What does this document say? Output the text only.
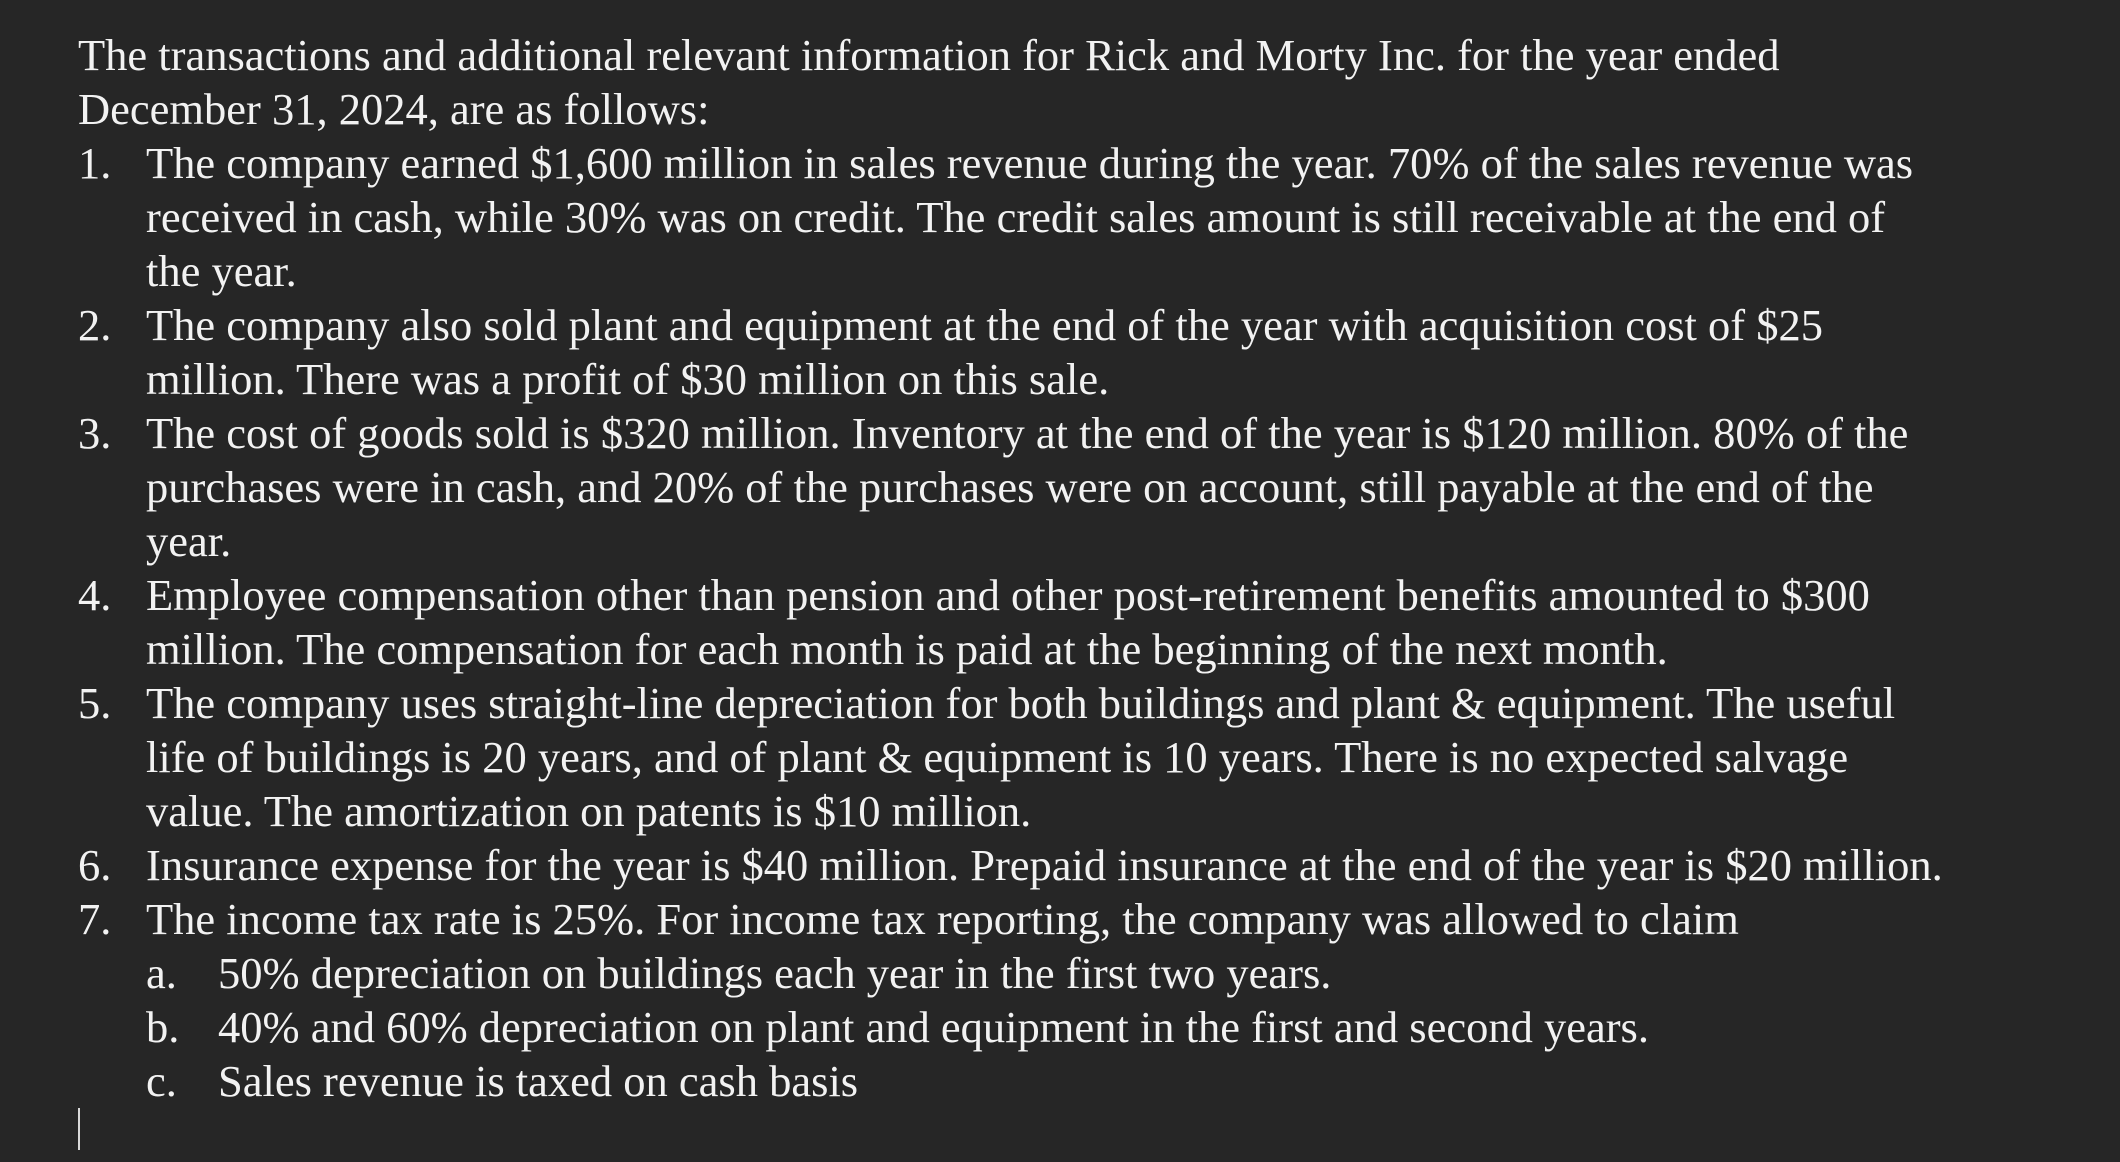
The transactions and additional relevant information for Rick and Morty Inc. for the year ended
December 31, 2024, are as follows:

1. The company earned $1,600 million in sales revenue during the year. 70% of the sales revenue was
received in cash, while 30% was on credit. The credit sales amount is still receivable at the end of
the year.
2. The company also sold plant and equipment at the end of the year with acquisition cost of $25
million. There was a profit of $30 million on this sale.
3. The cost of goods sold is $320 million. Inventory at the end of the year is $120 million. 80% of the
purchases were in cash, and 20% of the purchases were on account, still payable at the end of the
year.
4. Employee compensation other than pension and other post-retirement benefits amounted to $300
million. The compensation for each month is paid at the beginning of the next month.
5. The company uses straight-line depreciation for both buildings and plant & equipment. The useful
life of buildings is 20 years, and of plant & equipment is 10 years. There is no expected salvage
value. The amortization on patents is $10 million.
6. Insurance expense for the year is $40 million. Prepaid insurance at the end of the year is $20 million.
7. The income tax rate is 25%. For income tax reporting, the company was allowed to claim

a. 50% depreciation on buildings each year in the first two years.
b. 40% and 60% depreciation on plant and equipment in the first and second years.
c. Sales revenue is taxed on cash basis
